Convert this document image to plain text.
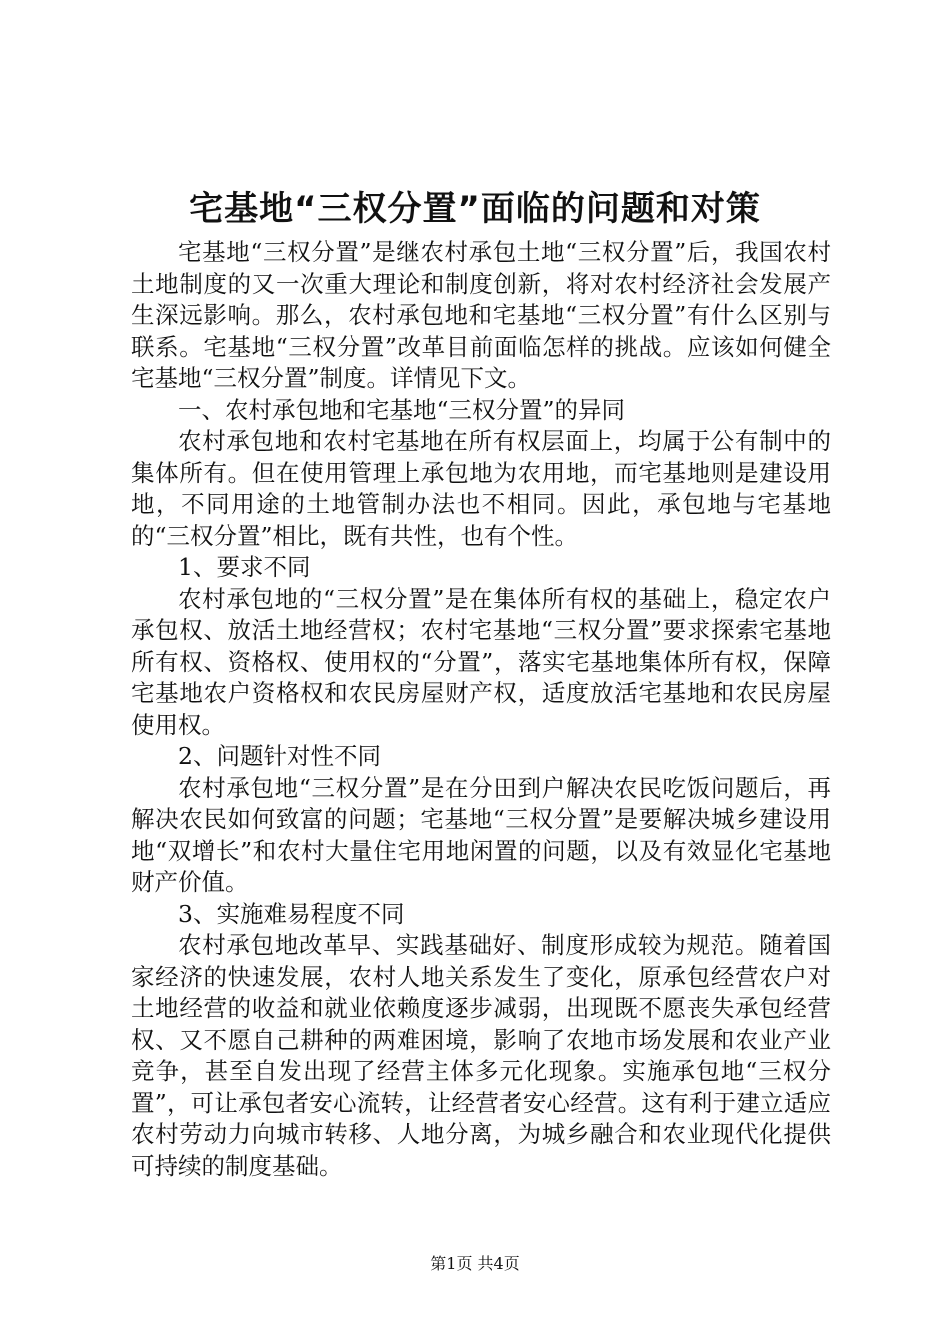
宅基地“三权分置”面临的问题和对策

宅基地“三权分置”是继农村承包土地“三权分置”后，我国农村土地制度的又一次重大理论和制度创新，将对农村经济社会发展产生深远影响。那么，农村承包地和宅基地“三权分置”有什么区别与联系。宅基地“三权分置”改革目前面临怎样的挑战。应该如何健全宅基地“三权分置”制度。详情见下文。

一、农村承包地和宅基地“三权分置”的异同

农村承包地和农村宅基地在所有权层面上，均属于公有制中的集体所有。但在使用管理上承包地为农用地，而宅基地则是建设用地，不同用途的土地管制办法也不相同。因此，承包地与宅基地的“三权分置”相比，既有共性，也有个性。

1、要求不同

农村承包地的“三权分置”是在集体所有权的基础上，稳定农户承包权、放活土地经营权；农村宅基地“三权分置”要求探索宅基地所有权、资格权、使用权的“分置”，落实宅基地集体所有权，保障宅基地农户资格权和农民房屋财产权，适度放活宅基地和农民房屋使用权。

2、问题针对性不同

农村承包地“三权分置”是在分田到户解决农民吃饭问题后，再解决农民如何致富的问题；宅基地“三权分置”是要解决城乡建设用地“双增长”和农村大量住宅用地闲置的问题，以及有效显化宅基地财产价值。

3、实施难易程度不同

农村承包地改革早、实践基础好、制度形成较为规范。随着国家经济的快速发展，农村人地关系发生了变化，原承包经营农户对土地经营的收益和就业依赖度逐步减弱，出现既不愿丧失承包经营权、又不愿自己耕种的两难困境，影响了农地市场发展和农业产业竞争，甚至自发出现了经营主体多元化现象。实施承包地“三权分置”，可让承包者安心流转，让经营者安心经营。这有利于建立适应农村劳动力向城市转移、人地分离，为城乡融合和农业现代化提供可持续的制度基础。

第1页 共4页
